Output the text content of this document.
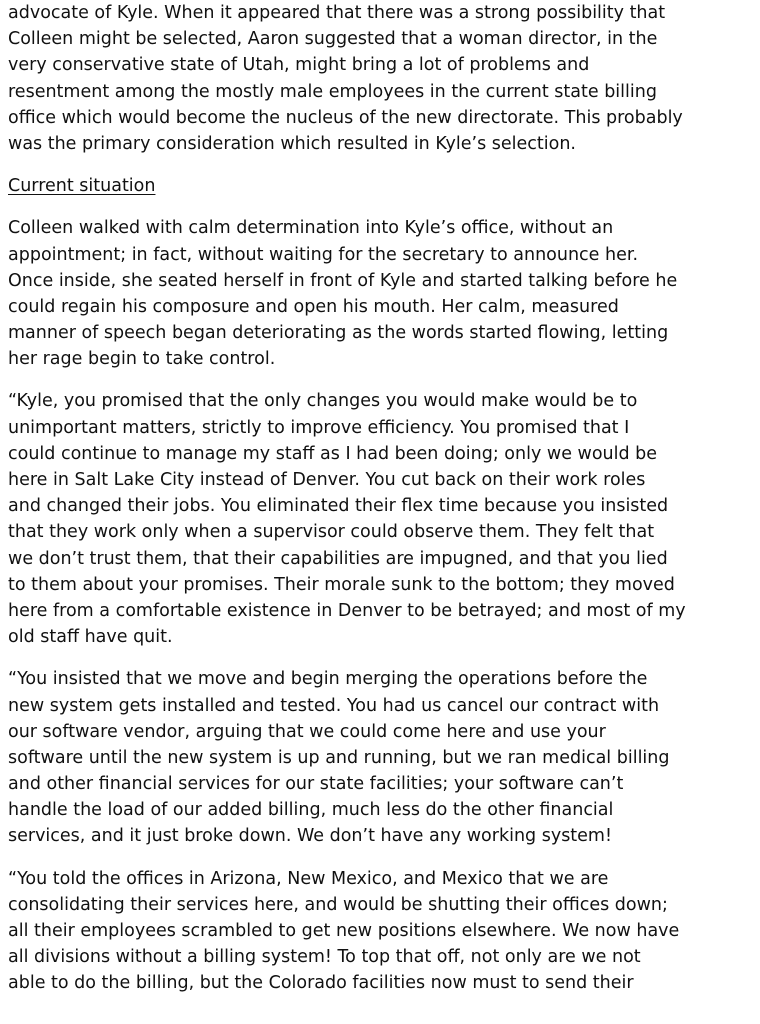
advocate of Kyle. When it appeared that there was a strong possibility that
Colleen might be selected, Aaron suggested that a woman director, in the
very conservative state of Utah, might bring a lot of problems and
resentment among the mostly male employees in the current state billing
office which would become the nucleus of the new directorate. This probably
was the primary consideration which resulted in Kyle’s selection.
Current situation
Colleen walked with calm determination into Kyle’s office, without an
appointment; in fact, without waiting for the secretary to announce her.
Once inside, she seated herself in front of Kyle and started talking before he
could regain his composure and open his mouth. Her calm, measured
manner of speech began deteriorating as the words started flowing, letting
her rage begin to take control.
“Kyle, you promised that the only changes you would make would be to
unimportant matters, strictly to improve efficiency. You promised that I
could continue to manage my staff as I had been doing; only we would be
here in Salt Lake City instead of Denver. You cut back on their work roles
and changed their jobs. You eliminated their flex time because you insisted
that they work only when a supervisor could observe them. They felt that
we don’t trust them, that their capabilities are impugned, and that you lied
to them about your promises. Their morale sunk to the bottom; they moved
here from a comfortable existence in Denver to be betrayed; and most of my
old staff have quit.
“You insisted that we move and begin merging the operations before the
new system gets installed and tested. You had us cancel our contract with
our software vendor, arguing that we could come here and use your
software until the new system is up and running, but we ran medical billing
and other financial services for our state facilities; your software can’t
handle the load of our added billing, much less do the other financial
services, and it just broke down. We don’t have any working system!
“You told the offices in Arizona, New Mexico, and Mexico that we are
consolidating their services here, and would be shutting their offices down;
all their employees scrambled to get new positions elsewhere. We now have
all divisions without a billing system! To top that off, not only are we not
able to do the billing, but the Colorado facilities now must to send their
